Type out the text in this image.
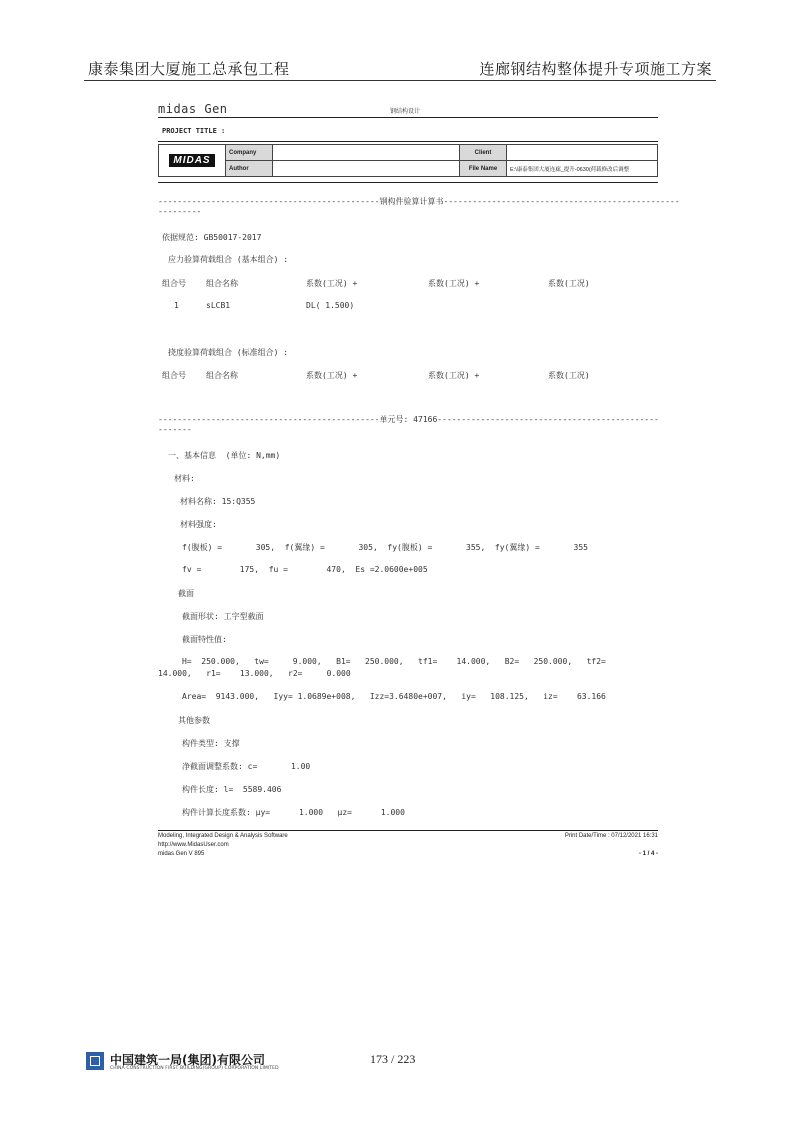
康泰集团大厦施工总承包工程	连廊钢结构整体提升专项施工方案
midas Gen	钢结构设计
PROJECT TITLE :
MIDAS	Company		Client	
	Author		File Name	E:\康泰集团大厦连廊_提升-0630(荷载修改后调整
----------------------------------------------钢构件验算计算书-------------------------------------------------
---------
依据规范: GB50017-2017
应力验算荷载组合 (基本组合) :
组合号	组合名称	系数(工况) +	系数(工况) +	系数(工况)
1	sLCB1	DL( 1.500)
挠度验算荷载组合 (标准组合) :
组合号	组合名称	系数(工况) +	系数(工况) +	系数(工况)
----------------------------------------------单元号: 47166----------------------------------------------
-------
一、基本信息  (单位: N,mm)
材料:
材料名称: 15:Q355
材料强度:
f(腹板) =       305,  f(翼缘) =       305,  fy(腹板) =       355,  fy(翼缘) =       355
fv =        175,  fu =        470,  Es =2.0600e+005
截面
截面形状: 工字型截面
截面特性值:
H=  250.000,   tw=     9.000,   B1=   250.000,   tf1=    14.000,   B2=   250.000,   tf2=
14.000,   r1=    13.000,   r2=     0.000
Area=  9143.000,   Iyy= 1.0689e+008,   Izz=3.6480e+007,   iy=   108.125,   iz=    63.166
其他参数
构件类型: 支撑
净截面调整系数: c=       1.00
构件长度: l=  5589.406
构件计算长度系数: μy=      1.000   μz=      1.000
Modeling, Integrated Design & Analysis Software
http://www.MidasUser.com
midas Gen V 895
Print Date/Time : 07/12/2021 16:31
- 1 / 4 -
中国建筑一局(集团)有限公司
CHINA CONSTRUCTION FIRST BUILDING(GROUP) CORPORATION LIMITED
173 / 223
